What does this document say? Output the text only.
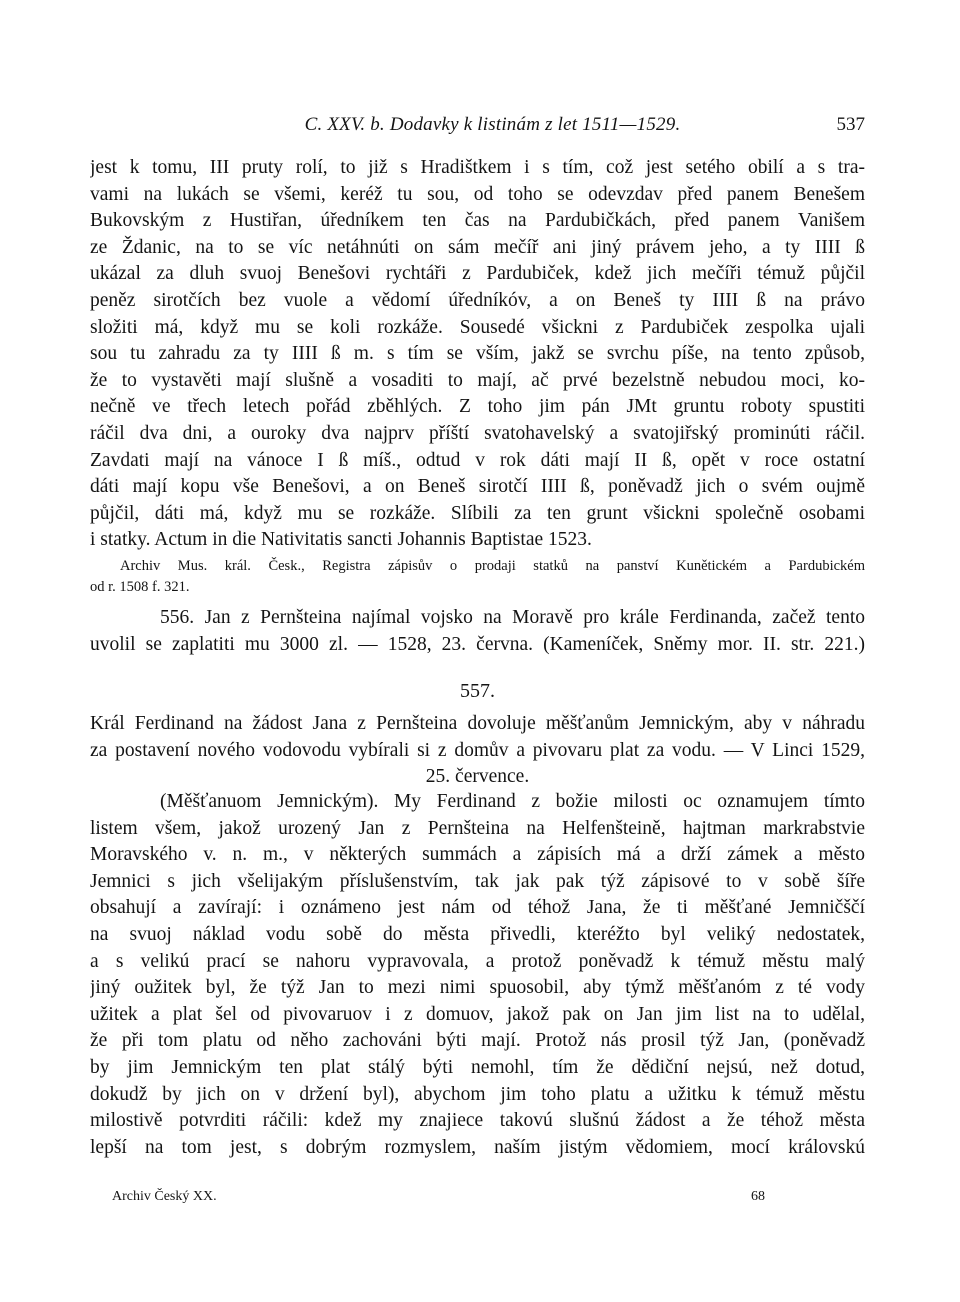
C. XXV. b. Dodavky k listinám z let 1511—1529.	537
jest k tomu, III pruty rolí, to již s Hradištkem i s tím, což jest setého obilí a s tra-
vami na lukách se všemi, keréž tu sou, od toho se odevzdav před panem Benešem
Bukovským z Hustiřan, úředníkem ten čas na Pardubičkách, před panem Vanišem
ze Ždanic, na to se víc netáhnúti on sám mečíř ani jiný právem jeho, a ty IIII ß
ukázal za dluh svuoj Benešovi rychtáři z Pardubiček, kdež jich mečíři témuž půjčil
peněz sirotčích bez vuole a vědomí úředníkóv, a on Beneš ty IIII ß na právo
složiti má, když mu se koli rozkáže. Sousedé všickni z Pardubiček zespolka ujali
sou tu zahradu za ty IIII ß m. s tím se vším, jakž se svrchu píše, na tento způsob,
že to vystavěti mají slušně a vosaditi to mají, ač prvé bezelstně nebudou moci, ko-
nečně ve třech letech pořád zběhlých. Z toho jim pán JMt gruntu roboty spustiti
ráčil dva dni, a ouroky dva najprv příští svatohavelský a svatojiřský prominúti ráčil.
Zavdati mají na vánoce I ß míš., odtud v rok dáti mají II ß, opět v roce ostatní
dáti mají kopu vše Benešovi, a on Beneš sirotčí IIII ß, poněvadž jich o svém oujmě
půjčil, dáti má, když mu se rozkáže. Slíbili za ten grunt všickni společně osobami
i statky. Actum in die Nativitatis sancti Johannis Baptistae 1523.
Archiv Mus. král. Česk., Registra zápisův o prodaji statků na panství Kunětickém a Pardubickém
od r. 1508 f. 321.
556. Jan z Pernšteina najímal vojsko na Moravě pro krále Ferdinanda, začež tento
uvolil se zaplatiti mu 3000 zl. — 1528, 23. června. (Kameníček, Sněmy mor. II. str. 221.)
557.
Král Ferdinand na žádost Jana z Pernšteina dovoluje měšťanům Jemnickým, aby v náhradu
za postavení nového vodovodu vybírali si z domův a pivovaru plat za vodu. — V Linci 1529,
25. července.
(Měšťanuom Jemnickým). My Ferdinand z božie milosti oc oznamujem tímto
listem všem, jakož urozený Jan z Pernšteina na Helfenšteině, hajtman markrabstvie
Moravského v. n. m., v některých summách a zápisích má a drží zámek a město
Jemnici s jich všelijakým příslušenstvím, tak jak pak týž zápisové to v sobě šíře
obsahují a zavírají: i oznámeno jest nám od téhož Jana, že ti měšťané Jemničščí
na svuoj náklad vodu sobě do města přivedli, kteréžto byl veliký nedostatek,
a s velikú prací se nahoru vypravovala, a protož poněvadž k témuž městu malý
jiný oužitek byl, že týž Jan to mezi nimi spuosobil, aby týmž měšťanóm z té vody
užitek a plat šel od pivovaruov i z domuov, jakož pak on Jan jim list na to udělal,
že při tom platu od něho zachováni býti mají. Protož nás prosil týž Jan, (poněvadž
by jim Jemnickým ten plat stálý býti nemohl, tím že dědiční nejsú, než dotud,
dokudž by jich on v držení byl), abychom jim toho platu a užitku k témuž městu
milostivě potvrditi ráčili: kdež my znajiece takovú slušnú žádost a že téhož města
lepší na tom jest, s dobrým rozmyslem, naším jistým vědomiem, mocí královskú
Archiv Český XX.	68
